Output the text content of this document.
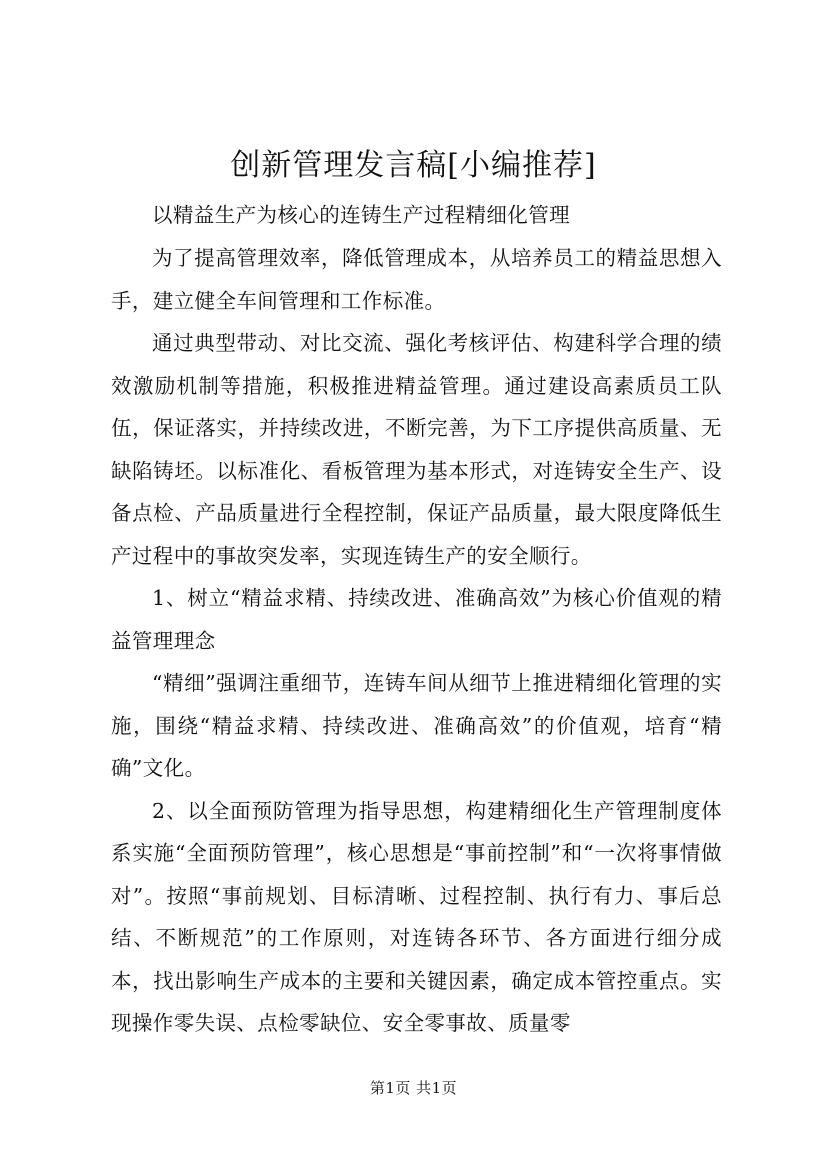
创新管理发言稿[小编推荐]

以精益生产为核心的连铸生产过程精细化管理

为了提高管理效率，降低管理成本，从培养员工的精益思想入手，建立健全车间管理和工作标准。

通过典型带动、对比交流、强化考核评估、构建科学合理的绩效激励机制等措施，积极推进精益管理。通过建设高素质员工队伍，保证落实，并持续改进，不断完善，为下工序提供高质量、无缺陷铸坯。以标准化、看板管理为基本形式，对连铸安全生产、设备点检、产品质量进行全程控制，保证产品质量，最大限度降低生产过程中的事故突发率，实现连铸生产的安全顺行。

1、树立“精益求精、持续改进、准确高效”为核心价值观的精益管理理念

“精细”强调注重细节，连铸车间从细节上推进精细化管理的实施，围绕“精益求精、持续改进、准确高效”的价值观，培育“精确”文化。

2、以全面预防管理为指导思想，构建精细化生产管理制度体系实施“全面预防管理”，核心思想是“事前控制”和“一次将事情做对”。按照“事前规划、目标清晰、过程控制、执行有力、事后总结、不断规范”的工作原则，对连铸各环节、各方面进行细分成本，找出影响生产成本的主要和关键因素，确定成本管控重点。实现操作零失误、点检零缺位、安全零事故、质量零

第1页 共1页
